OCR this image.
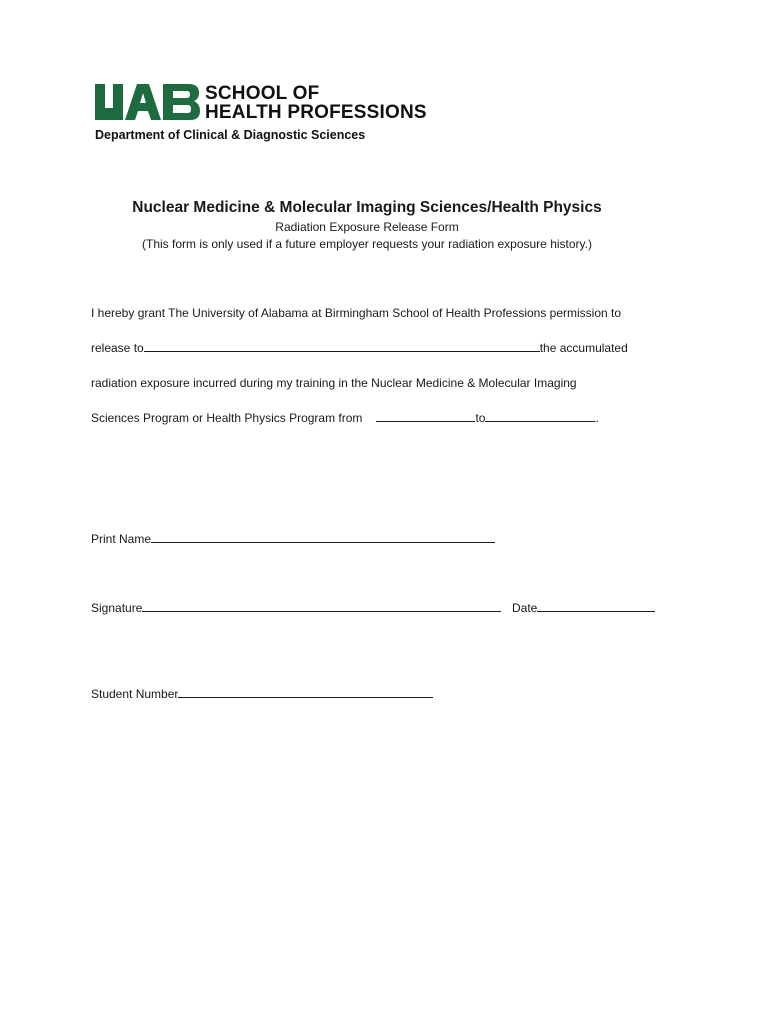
SCHOOL OF
HEALTH PROFESSIONS
Department of Clinical & Diagnostic Sciences
Nuclear Medicine & Molecular Imaging Sciences/Health Physics
Radiation Exposure Release Form
(This form is only used if a future employer requests your radiation exposure history.)
I hereby grant The University of Alabama at Birmingham School of Health Professions permission to
release to	the accumulated
radiation exposure incurred during my training in the Nuclear Medicine & Molecular Imaging
Sciences Program or Health Physics Program from	to	.
Print Name
Signature	Date
Student Number
